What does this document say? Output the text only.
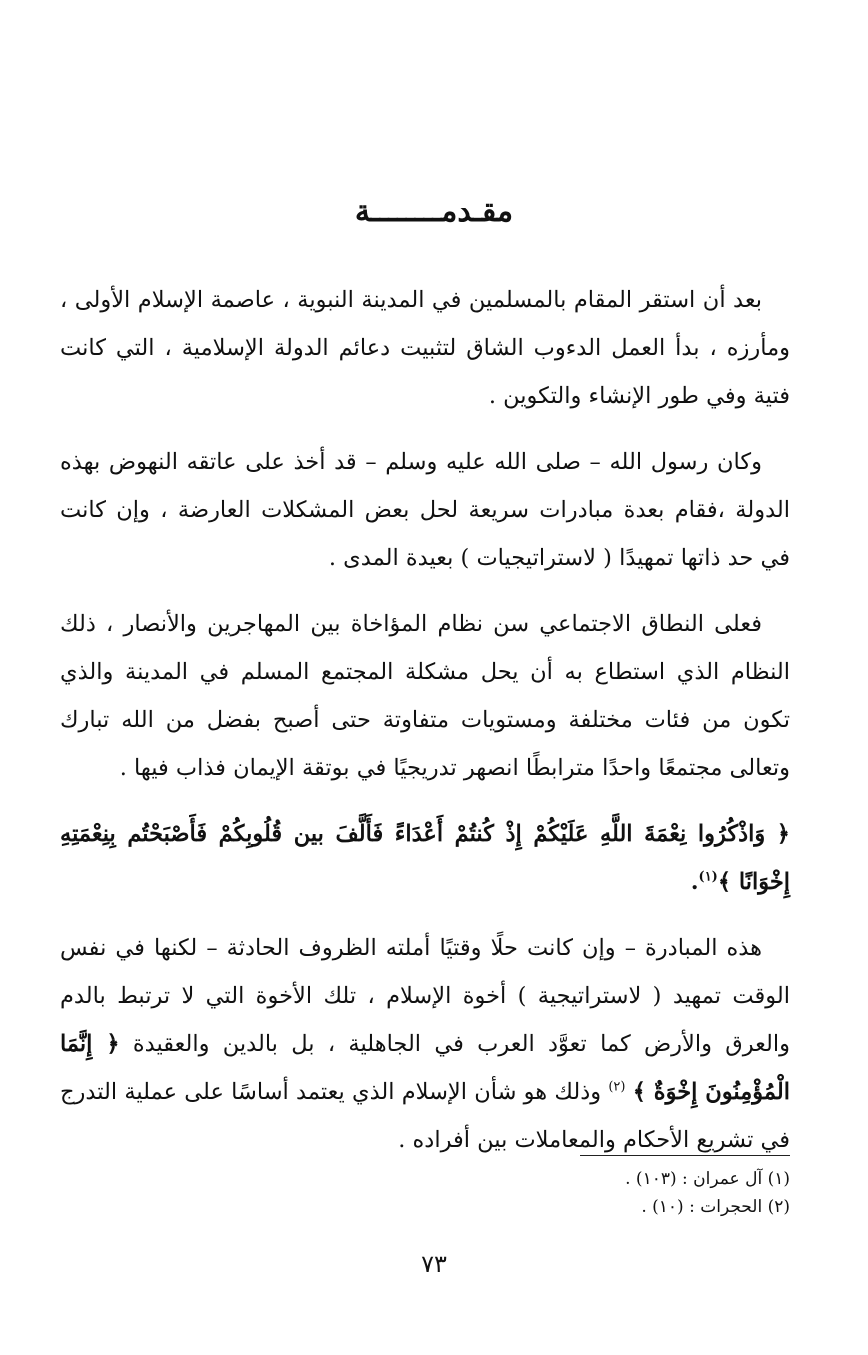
مقـدمــــــــة

بعد أن استقر المقام بالمسلمين في المدينة النبوية ، عاصمة الإسلام الأولى ، ومأرزه ، بدأ العمل الدءوب الشاق لتثبيت دعائم الدولة الإسلامية ، التي كانت فتية وفي طور الإنشاء والتكوين .

وكان رسول الله – صلى الله عليه وسلم – قد أخذ على عاتقه النهوض بهذه الدولة ،فقام بعدة مبادرات سريعة لحل بعض المشكلات العارضة ، وإن كانت في حد ذاتها تمهيدًا ( لاستراتيجيات ) بعيدة المدى .

فعلى النطاق الاجتماعي سن نظام المؤاخاة بين المهاجرين والأنصار ، ذلك النظام الذي استطاع به أن يحل مشكلة المجتمع المسلم في المدينة والذي تكون من فئات مختلفة ومستويات متفاوتة حتى أصبح بفضل من الله تبارك وتعالى مجتمعًا واحدًا مترابطًا انصهر تدريجيًا في بوتقة الإيمان فذاب فيها .

﴿ وَاذْكُرُوا نِعْمَةَ اللَّهِ عَلَيْكُمْ إِذْ كُنتُمْ أَعْدَاءً فَأَلَّفَ بين قُلُوبِكُمْ فَأَصْبَحْتُم بِنِعْمَتِهِ إِخْوَانًا ﴾$^{(١)}$.

هذه المبادرة – وإن كانت حلًا وقتيًا أملته الظروف الحادثة – لكنها في نفس الوقت تمهيد ( لاستراتيجية ) أخوة الإسلام ، تلك الأخوة التي لا ترتبط بالدم والعرق والأرض كما تعوَّد العرب في الجاهلية ، بل بالدين والعقيدة ﴿ إِنَّمَا الْمُؤْمِنُونَ إِخْوَةٌ ﴾ $^{(٢)}$ وذلك هو شأن الإسلام الذي يعتمد أساسًا على عملية التدرج في تشريع الأحكام والمعاملات بين أفراده .

(١) آل عمران : (١٠٣) .
(٢) الحجرات : (١٠) .
٧٣
